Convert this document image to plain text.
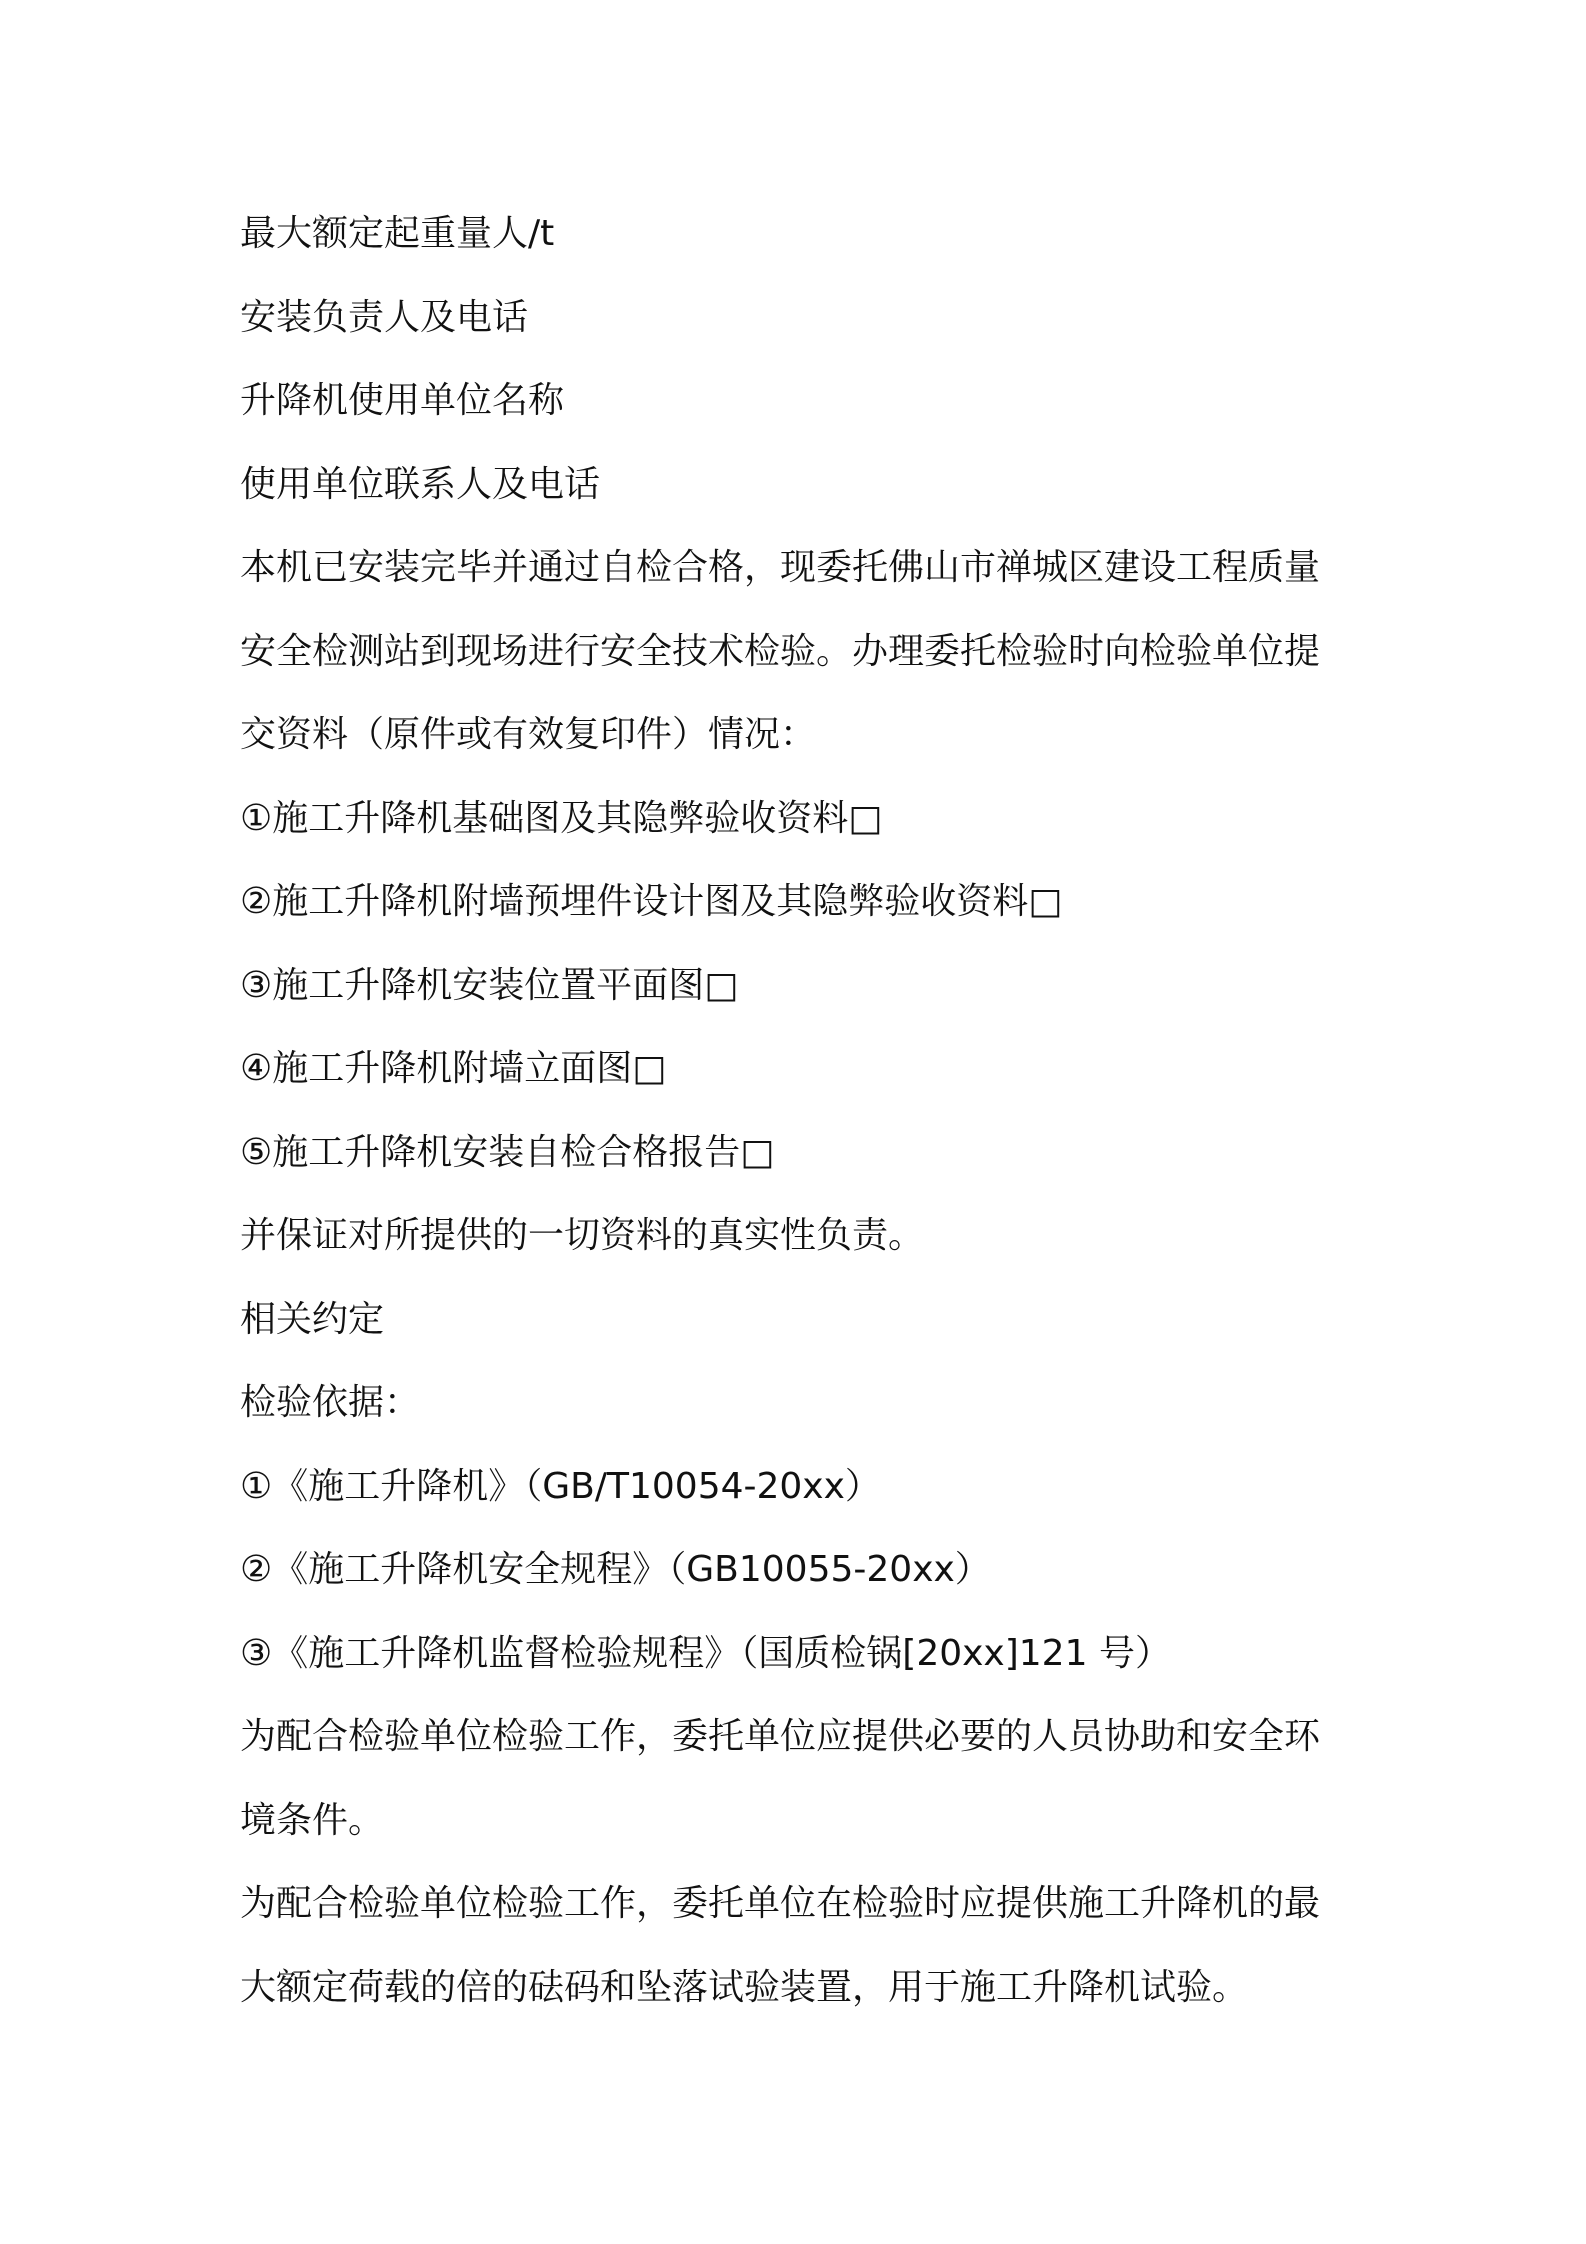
最大额定起重量人/t

安装负责人及电话

升降机使用单位名称

使用单位联系人及电话

本机已安装完毕并通过自检合格，现委托佛山市禅城区建设工程质量

安全检测站到现场进行安全技术检验。办理委托检验时向检验单位提

交资料（原件或有效复印件）情况：

①施工升降机基础图及其隐弊验收资料□

②施工升降机附墙预埋件设计图及其隐弊验收资料□

③施工升降机安装位置平面图□

④施工升降机附墙立面图□

⑤施工升降机安装自检合格报告□

并保证对所提供的一切资料的真实性负责。

相关约定

检验依据：

①《施工升降机》（GB/T10054-20xx）

②《施工升降机安全规程》（GB10055-20xx）

③《施工升降机监督检验规程》（国质检锅[20xx]121 号）

为配合检验单位检验工作，委托单位应提供必要的人员协助和安全环

境条件。

为配合检验单位检验工作，委托单位在检验时应提供施工升降机的最

大额定荷载的倍的砝码和坠落试验装置，用于施工升降机试验。
